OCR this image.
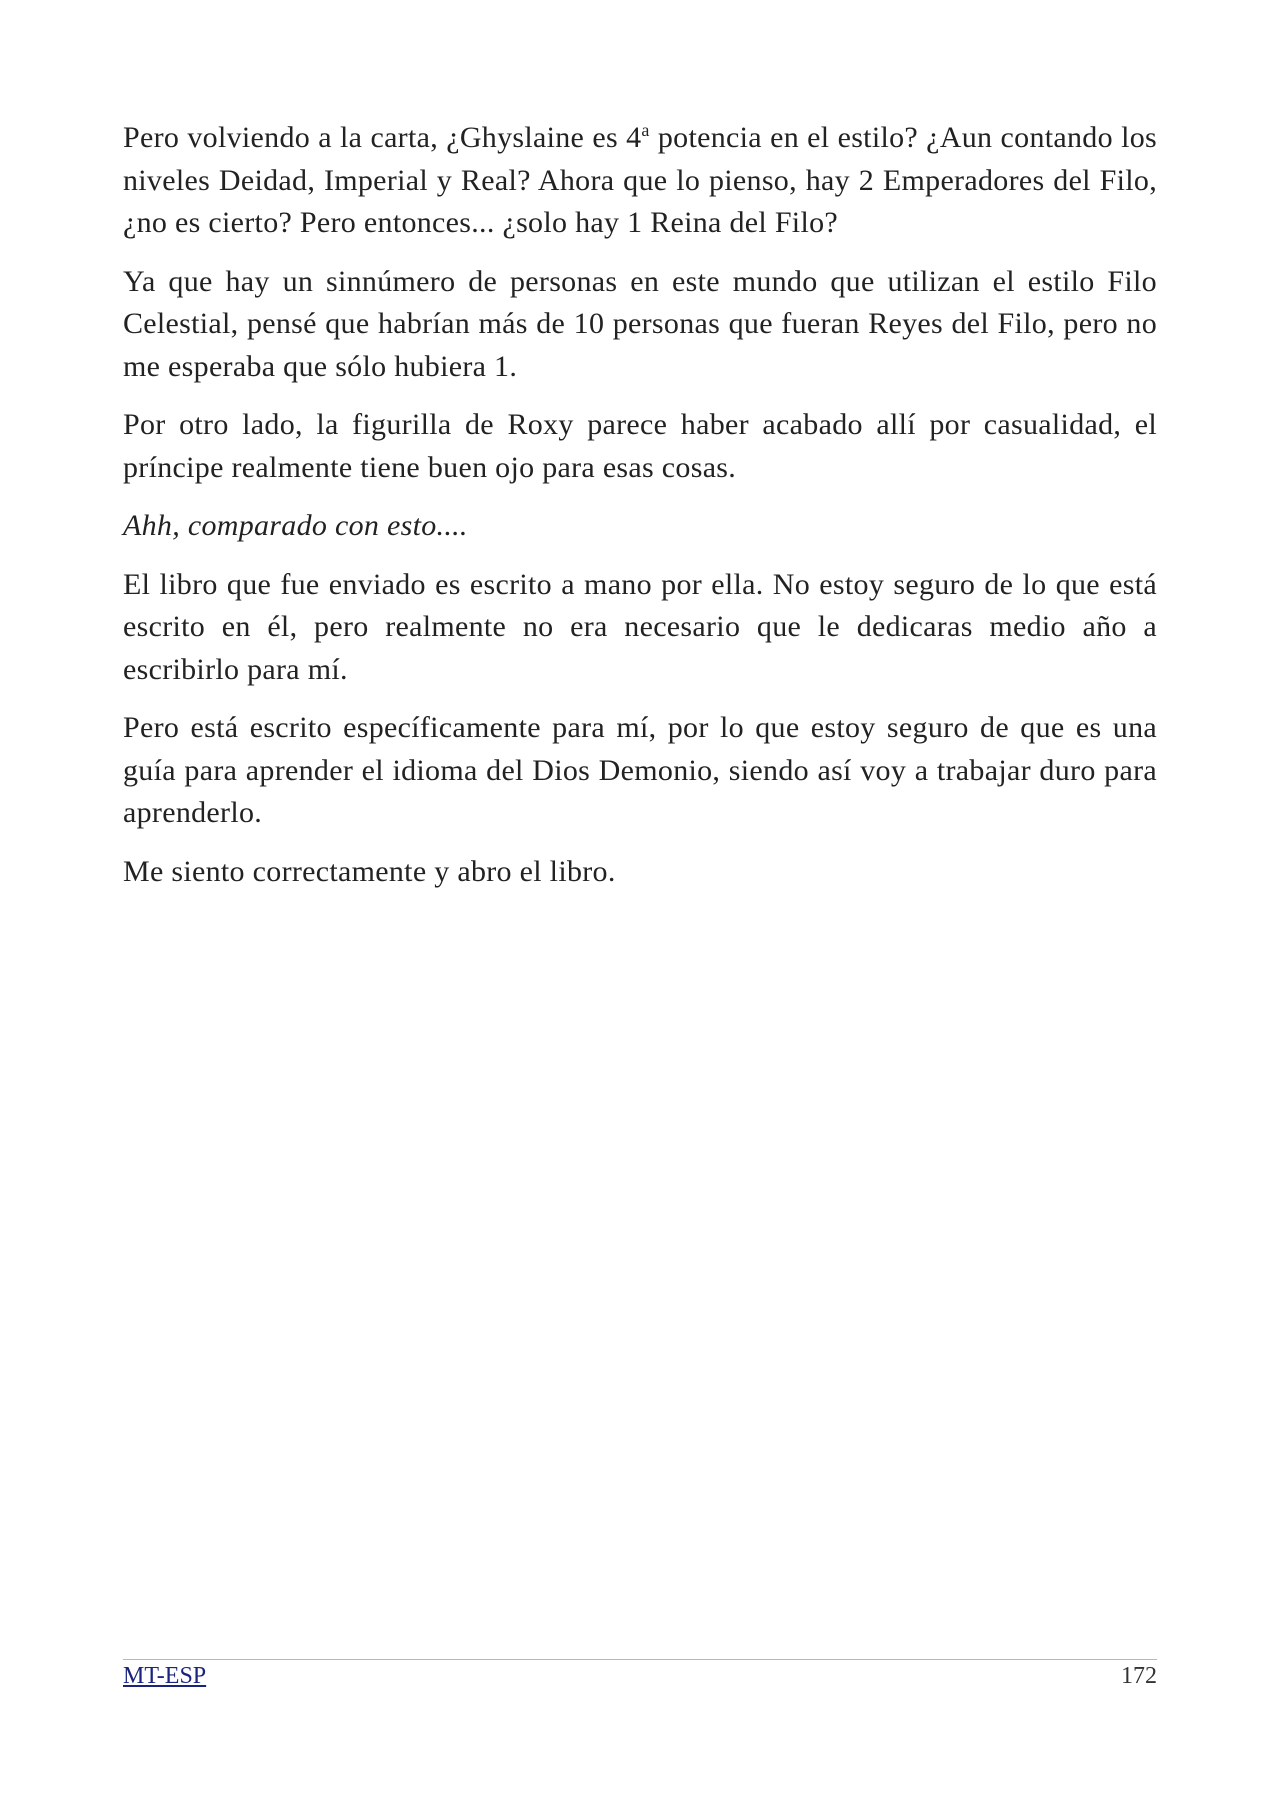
Pero volviendo a la carta, ¿Ghyslaine es 4$^a$ potencia en el estilo? ¿Aun contando los niveles Deidad, Imperial y Real? Ahora que lo pienso, hay 2 Emperadores del Filo, ¿no es cierto? Pero entonces... ¿solo hay 1 Reina del Filo?

Ya que hay un sinnúmero de personas en este mundo que utilizan el estilo Filo Celestial, pensé que habrían más de 10 personas que fueran Reyes del Filo, pero no me esperaba que sólo hubiera 1.

Por otro lado, la figurilla de Roxy parece haber acabado allí por casualidad, el príncipe realmente tiene buen ojo para esas cosas.

Ahh, comparado con esto....

El libro que fue enviado es escrito a mano por ella. No estoy seguro de lo que está escrito en él, pero realmente no era necesario que le dedicaras medio año a escribirlo para mí.

Pero está escrito específicamente para mí, por lo que estoy seguro de que es una guía para aprender el idioma del Dios Demonio, siendo así voy a trabajar duro para aprenderlo.

Me siento correctamente y abro el libro.

MT-ESP	172
